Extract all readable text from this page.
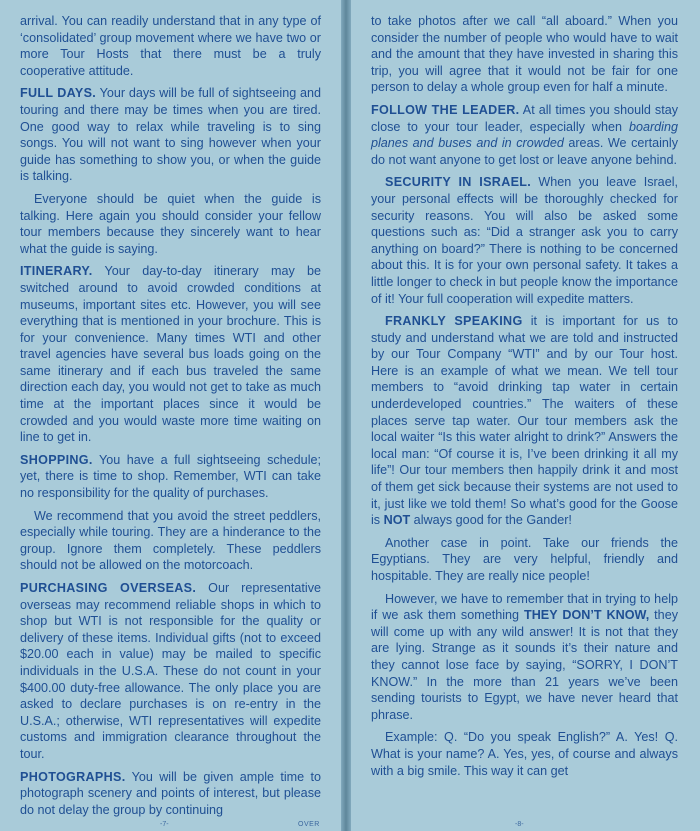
arrival. You can readily understand that in any type of ‘consolidated’ group movement where we have two or more Tour Hosts that there must be a truly cooperative attitude.

FULL DAYS. Your days will be full of sightseeing and touring and there may be times when you are tired. One good way to relax while traveling is to sing songs. You will not want to sing however when your guide has something to show you, or when the guide is talking.

Everyone should be quiet when the guide is talking. Here again you should consider your fellow tour members because they sincerely want to hear what the guide is saying.

ITINERARY. Your day-to-day itinerary may be switched around to avoid crowded conditions at museums, important sites etc. However, you will see everything that is mentioned in your brochure. This is for your convenience. Many times WTI and other travel agencies have several bus loads going on the same itinerary and if each bus traveled the same direction each day, you would not get to take as much time at the important places since it would be crowded and you would waste more time waiting on line to get in.

SHOPPING. You have a full sightseeing schedule; yet, there is time to shop. Remember, WTI can take no responsibility for the quality of purchases.

We recommend that you avoid the street peddlers, especially while touring. They are a hinderance to the group. Ignore them completely. These peddlers should not be allowed on the motorcoach.

PURCHASING OVERSEAS. Our representative overseas may recommend reliable shops in which to shop but WTI is not responsible for the quality or delivery of these items. Individual gifts (not to exceed $20.00 each in value) may be mailed to specific individuals in the U.S.A. These do not count in your $400.00 duty-free allowance. The only place you are asked to declare purchases is on re-entry in the U.S.A.; otherwise, WTI representatives will expedite customs and immigration clearance throughout the tour.

PHOTOGRAPHS. You will be given ample time to photograph scenery and points of interest, but please do not delay the group by continuing

to take photos after we call “all aboard.” When you consider the number of people who would have to wait and the amount that they have invested in sharing this trip, you will agree that it would not be fair for one person to delay a whole group even for half a minute.

FOLLOW THE LEADER. At all times you should stay close to your tour leader, especially when boarding planes and buses and in crowded areas. We certainly do not want anyone to get lost or leave anyone behind.

SECURITY IN ISRAEL. When you leave Israel, your personal effects will be thoroughly checked for security reasons. You will also be asked some questions such as: “Did a stranger ask you to carry anything on board?” There is nothing to be concerned about this. It is for your own personal safety. It takes a little longer to check in but people know the importance of it! Your full cooperation will expedite matters.

FRANKLY SPEAKING it is important for us to study and understand what we are told and instructed by our Tour Company “WTI” and by our Tour host. Here is an example of what we mean. We tell tour members to “avoid drinking tap water in certain underdeveloped countries.” The waiters of these places serve tap water. Our tour members ask the local waiter “Is this water alright to drink?” Answers the local man: “Of course it is, I’ve been drinking it all my life”! Our tour members then happily drink it and most of them get sick because their systems are not used to it, just like we told them! So what’s good for the Goose is NOT always good for the Gander!

Another case in point. Take our friends the Egyptians. They are very helpful, friendly and hospitable. They are really nice people!

However, we have to remember that in trying to help if we ask them something THEY DON’T KNOW, they will come up with any wild answer! It is not that they are lying. Strange as it sounds it’s their nature and they cannot lose face by saying, “SORRY, I DON’T KNOW.” In the more than 21 years we’ve been sending tourists to Egypt, we have never heard that phrase.

Example: Q. “Do you speak English?” A. Yes! Q. What is your name? A. Yes, yes, of course and always with a big smile. This way it can get

-7-	OVER	-8-
